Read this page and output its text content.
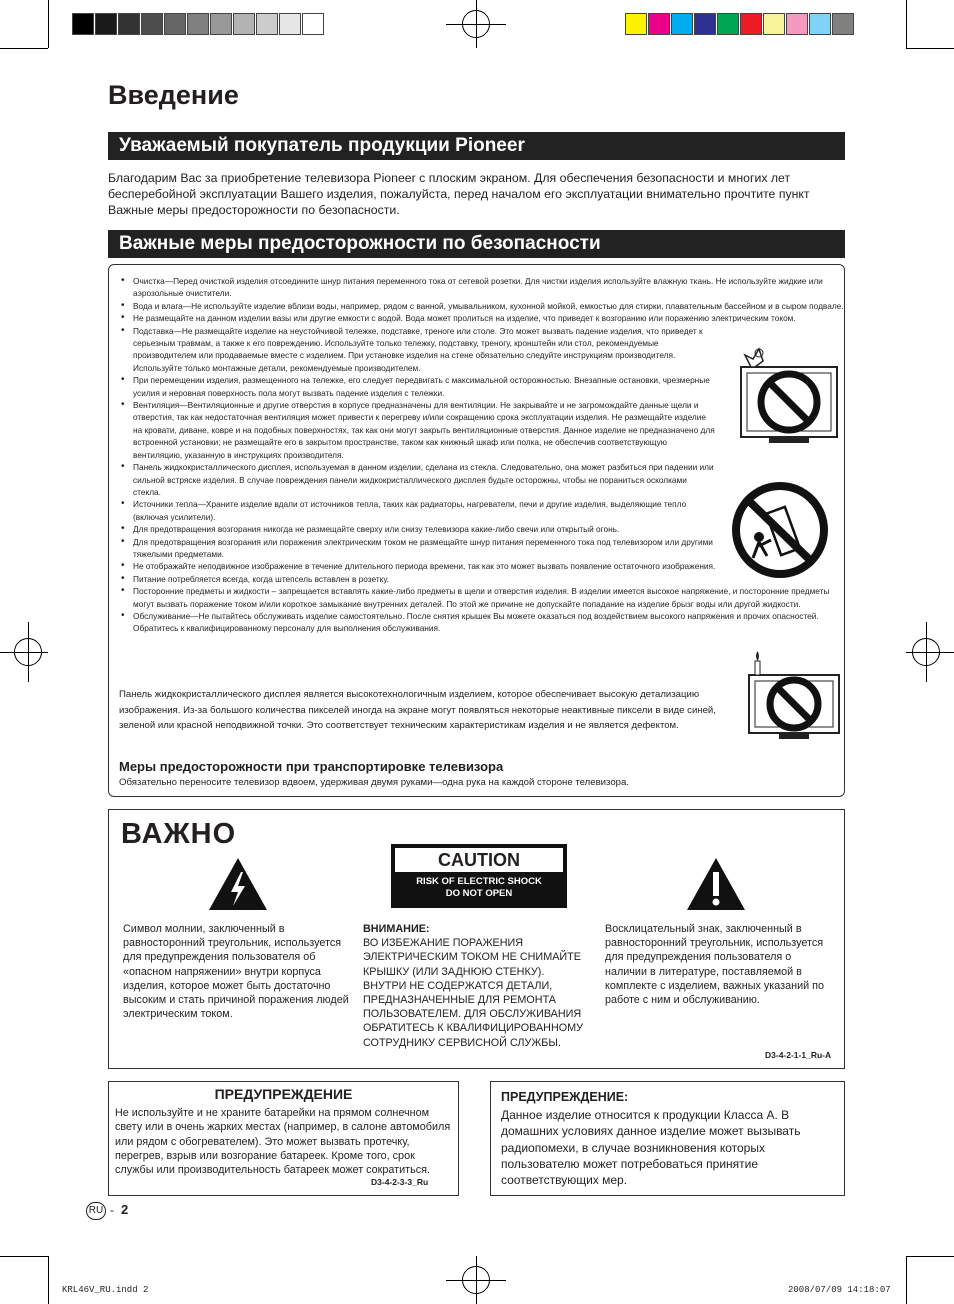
Введение
Уважаемый покупатель продукции Pioneer
Благодарим Вас за приобретение телевизора Pioneer с плоским экраном. Для обеспечения безопасности и многих лет бесперебойной эксплуатации Вашего изделия, пожалуйста, перед началом его эксплуатации внимательно прочтите пункт Важные меры предосторожности по безопасности.
Важные меры предосторожности по безопасности
• Очистка—Перед очисткой изделия отсоедините шнур питания переменного тока от сетевой розетки. Для чистки изделия используйте влажную ткань. Не используйте жидкие или аэрозольные очистители.
• Вода и влага—Не используйте изделие вблизи воды, например, рядом с ванной, умывальником, кухонной мойкой, емкостью для стирки, плавательным бассейном и в сыром подвале.
• Не размещайте на данном изделии вазы или другие емкости с водой. Вода может пролиться на изделие, что приведет к возгоранию или поражению электрическим током.
• Подставка—Не размещайте изделие на неустойчивой тележке, подставке, треноге или столе. Это может вызвать падение изделия, что приведет к серьезным травмам, а также к его повреждению. Используйте только тележку, подставку, треногу, кронштейн или стол, рекомендуемые производителем или продаваемые вместе с изделием. При установке изделия на стене обязательно следуйте инструкциям производителя. Используйте только монтажные детали, рекомендуемые производителем.
• При перемещении изделия, размещенного на тележке, его следует передвигать с максимальной осторожностью. Внезапные остановки, чрезмерные усилия и неровная поверхность пола могут вызвать падение изделия с тележки.
• Вентиляция—Вентиляционные и другие отверстия в корпусе предназначены для вентиляции. Не закрывайте и не загромождайте данные щели и отверстия, так как недостаточная вентиляция может привести к перегреву и/или сокращению срока эксплуатации изделия. Не размещайте изделие на кровати, диване, ковре и на подобных поверхностях, так как они могут закрыть вентиляционные отверстия. Данное изделие не предназначено для встроенной установки; не размещайте его в закрытом пространстве, таком как книжный шкаф или полка, не обеспечив соответствующую вентиляцию, указанную в инструкциях производителя.
• Панель жидкокристаллического дисплея, используемая в данном изделии, сделана из стекла. Следовательно, она может разбиться при падении или сильной встряске изделия. В случае повреждения панели жидкокристаллического дисплея будьте осторожны, чтобы не пораниться осколками стекла.
• Источники тепла—Храните изделие вдали от источников тепла, таких как радиаторы, нагреватели, печи и другие изделия, выделяющие тепло (включая усилители).
• Для предотвращения возгорания никогда не размещайте сверху или снизу телевизора какие-либо свечи или открытый огонь.
• Для предотвращения возгорания или поражения электрическим током не размещайте шнур питания переменного тока под телевизором или другими тяжелыми предметами.
• Не отображайте неподвижное изображение в течение длительного периода времени, так как это может вызвать появление остаточного изображения.
• Питание потребляется всегда, когда штепсель вставлен в розетку.
• Посторонние предметы и жидкости – запрещается вставлять какие-либо предметы в щели и отверстия изделия. В изделии имеется высокое напряжение, и посторонние предметы могут вызвать поражение током и/или короткое замыкание внутренних деталей. По этой же причине не допускайте попадание на изделие брызг воды или другой жидкости.
• Обслуживание—Не пытайтесь обслуживать изделие самостоятельно. После снятия крышек Вы можете оказаться под воздействием высокого напряжения и прочих опасностей. Обратитесь к квалифицированному персоналу для выполнения обслуживания.
Панель жидкокристаллического дисплея является высокотехнологичным изделием, которое обеспечивает высокую детализацию изображения. Из-за большого количества пикселей иногда на экране могут появляться некоторые неактивные пиксели в виде синей, зеленой или красной неподвижной точки. Это соответствует техническим характеристикам изделия и не является дефектом.
Меры предосторожности при транспортировке телевизора
Обязательно переносите телевизор вдвоем, удерживая двумя руками—одна рука на каждой стороне телевизора.
ВАЖНО
CAUTION
RISK OF ELECTRIC SHOCK
DO NOT OPEN
Символ молнии, заключенный в равносторонний треугольник, используется для предупреждения пользователя об «опасном напряжении» внутри корпуса изделия, которое может быть достаточно высоким и стать причиной поражения людей электрическим током.
ВНИМАНИЕ:
ВО ИЗБЕЖАНИЕ ПОРАЖЕНИЯ ЭЛЕКТРИЧЕСКИМ ТОКОМ НЕ СНИМАЙТЕ КРЫШКУ (ИЛИ ЗАДНЮЮ СТЕНКУ). ВНУТРИ НЕ СОДЕРЖАТСЯ ДЕТАЛИ, ПРЕДНАЗНАЧЕННЫЕ ДЛЯ РЕМОНТА ПОЛЬЗОВАТЕЛЕМ. ДЛЯ ОБСЛУЖИВАНИЯ ОБРАТИТЕСЬ К КВАЛИФИЦИРОВАННОМУ СОТРУДНИКУ СЕРВИСНОЙ СЛУЖБЫ.
Восклицательный знак, заключенный в равносторонний треугольник, используется для предупреждения пользователя о наличии в литературе, поставляемой в комплекте с изделием, важных указаний по работе с ним и обслуживанию.
D3-4-2-1-1_Ru-A
ПРЕДУПРЕЖДЕНИЕ
Не используйте и не храните батарейки на прямом солнечном свету или в очень жарких местах (например, в салоне автомобиля или рядом с обогревателем). Это может вызвать протечку, перегрев, взрыв или возгорание батареек. Кроме того, срок службы или производительность батареек может сократиться.
D3-4-2-3-3_Ru
ПРЕДУПРЕЖДЕНИЕ:
Данное изделие относится к продукции Класса A. В домашних условиях данное изделие может вызывать радиопомехи, в случае возникновения которых пользователю может потребоваться принятие соответствующих мер.
RU - 2
KRL46V_RU.indd 2	2008/07/09 14:18:07
